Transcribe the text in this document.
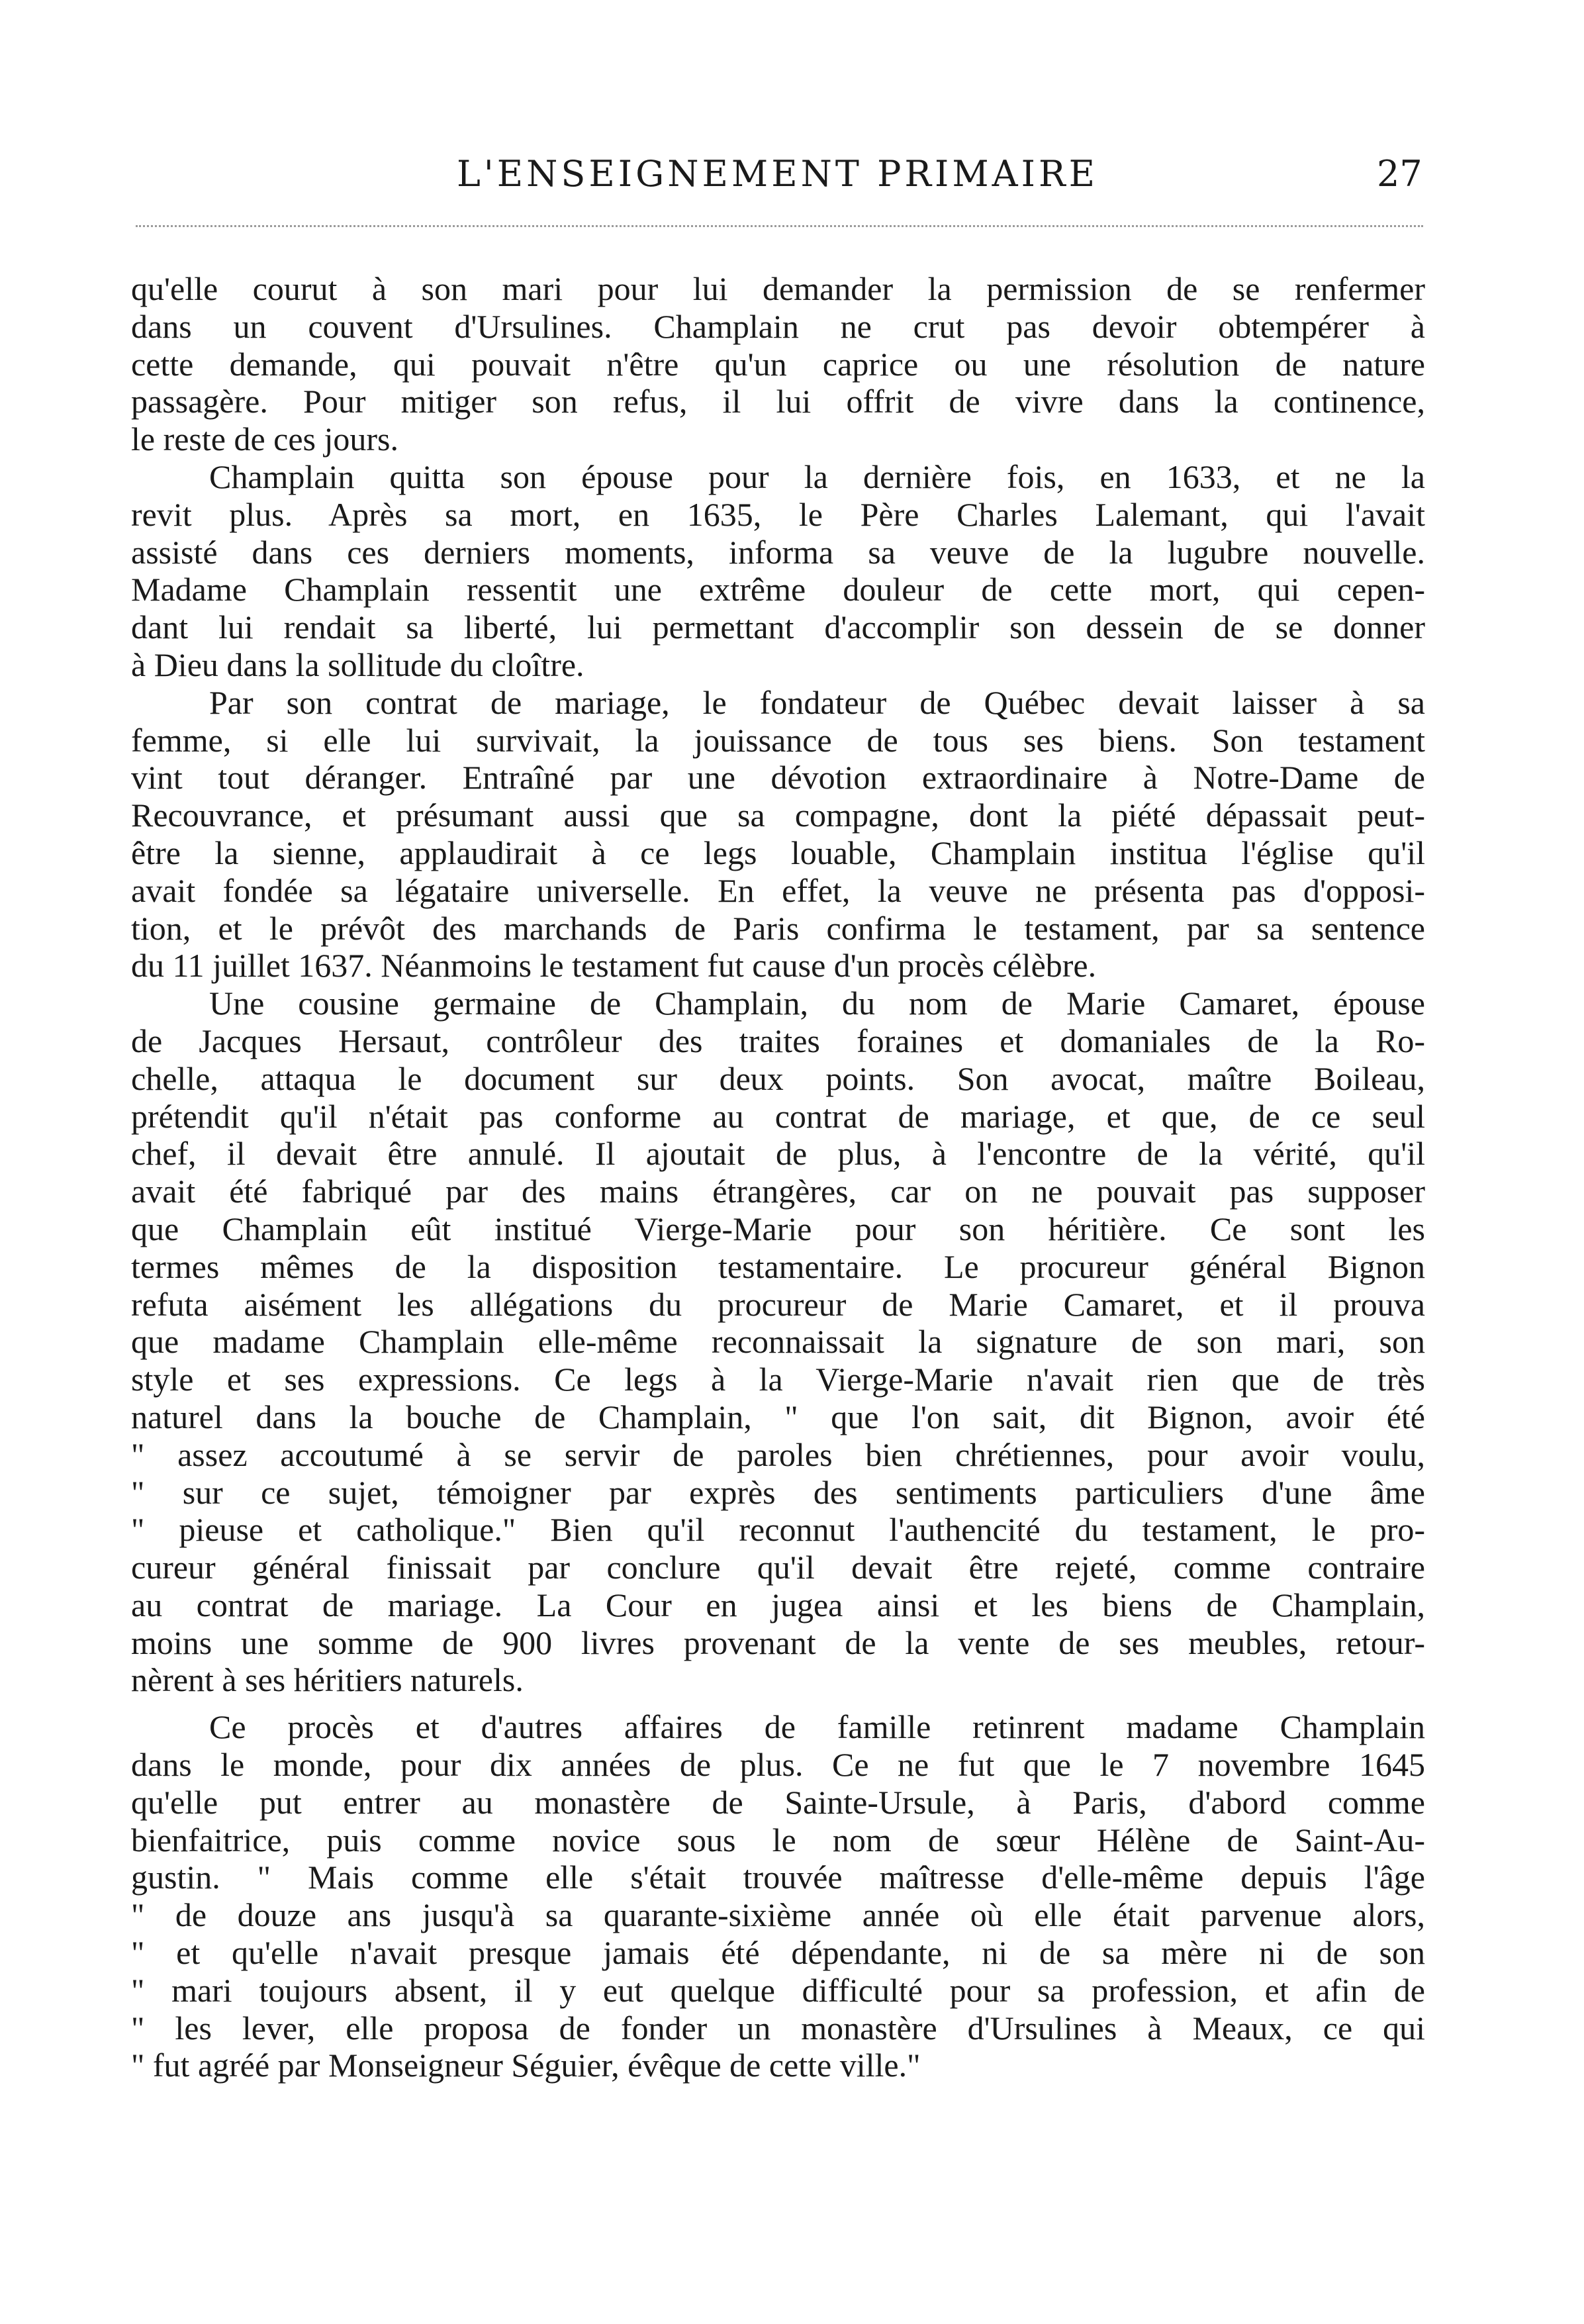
L'ENSEIGNEMENT PRIMAIRE	27
qu'elle courut à son mari pour lui demander la permission de se renfermer
dans un couvent d'Ursulines. Champlain ne crut pas devoir obtempérer à
cette demande, qui pouvait n'être qu'un caprice ou une résolution de nature
passagère. Pour mitiger son refus, il lui offrit de vivre dans la continence,
le reste de ces jours.
Champlain quitta son épouse pour la dernière fois, en 1633, et ne la
revit plus. Après sa mort, en 1635, le Père Charles Lalemant, qui l'avait
assisté dans ces derniers moments, informa sa veuve de la lugubre nouvelle.
Madame Champlain ressentit une extrême douleur de cette mort, qui cepen-
dant lui rendait sa liberté, lui permettant d'accomplir son dessein de se donner
à Dieu dans la sollitude du cloître.
Par son contrat de mariage, le fondateur de Québec devait laisser à sa
femme, si elle lui survivait, la jouissance de tous ses biens. Son testament
vint tout déranger. Entraîné par une dévotion extraordinaire à Notre-Dame de
Recouvrance, et présumant aussi que sa compagne, dont la piété dépassait peut-
être la sienne, applaudirait à ce legs louable, Champlain institua l'église qu'il
avait fondée sa légataire universelle. En effet, la veuve ne présenta pas d'opposi-
tion, et le prévôt des marchands de Paris confirma le testament, par sa sentence
du 11 juillet 1637. Néanmoins le testament fut cause d'un procès célèbre.
Une cousine germaine de Champlain, du nom de Marie Camaret, épouse
de Jacques Hersaut, contrôleur des traites foraines et domaniales de la Ro-
chelle, attaqua le document sur deux points. Son avocat, maître Boileau,
prétendit qu'il n'était pas conforme au contrat de mariage, et que, de ce seul
chef, il devait être annulé. Il ajoutait de plus, à l'encontre de la vérité, qu'il
avait été fabriqué par des mains étrangères, car on ne pouvait pas supposer
que Champlain eût institué Vierge-Marie pour son héritière. Ce sont les
termes mêmes de la disposition testamentaire. Le procureur général Bignon
refuta aisément les allégations du procureur de Marie Camaret, et il prouva
que madame Champlain elle-même reconnaissait la signature de son mari, son
style et ses expressions. Ce legs à la Vierge-Marie n'avait rien que de très
naturel dans la bouche de Champlain, " que l'on sait, dit Bignon, avoir été
" assez accoutumé à se servir de paroles bien chrétiennes, pour avoir voulu,
" sur ce sujet, témoigner par exprès des sentiments particuliers d'une âme
" pieuse et catholique." Bien qu'il reconnut l'authencité du testament, le pro-
cureur général finissait par conclure qu'il devait être rejeté, comme contraire
au contrat de mariage. La Cour en jugea ainsi et les biens de Champlain,
moins une somme de 900 livres provenant de la vente de ses meubles, retour-
nèrent à ses héritiers naturels.
Ce procès et d'autres affaires de famille retinrent madame Champlain
dans le monde, pour dix années de plus. Ce ne fut que le 7 novembre 1645
qu'elle put entrer au monastère de Sainte-Ursule, à Paris, d'abord comme
bienfaitrice, puis comme novice sous le nom de sœur Hélène de Saint-Au-
gustin. " Mais comme elle s'était trouvée maîtresse d'elle-même depuis l'âge
" de douze ans jusqu'à sa quarante-sixième année où elle était parvenue alors,
" et qu'elle n'avait presque jamais été dépendante, ni de sa mère ni de son
" mari toujours absent, il y eut quelque difficulté pour sa profession, et afin de
" les lever, elle proposa de fonder un monastère d'Ursulines à Meaux, ce qui
" fut agréé par Monseigneur Séguier, évêque de cette ville."
